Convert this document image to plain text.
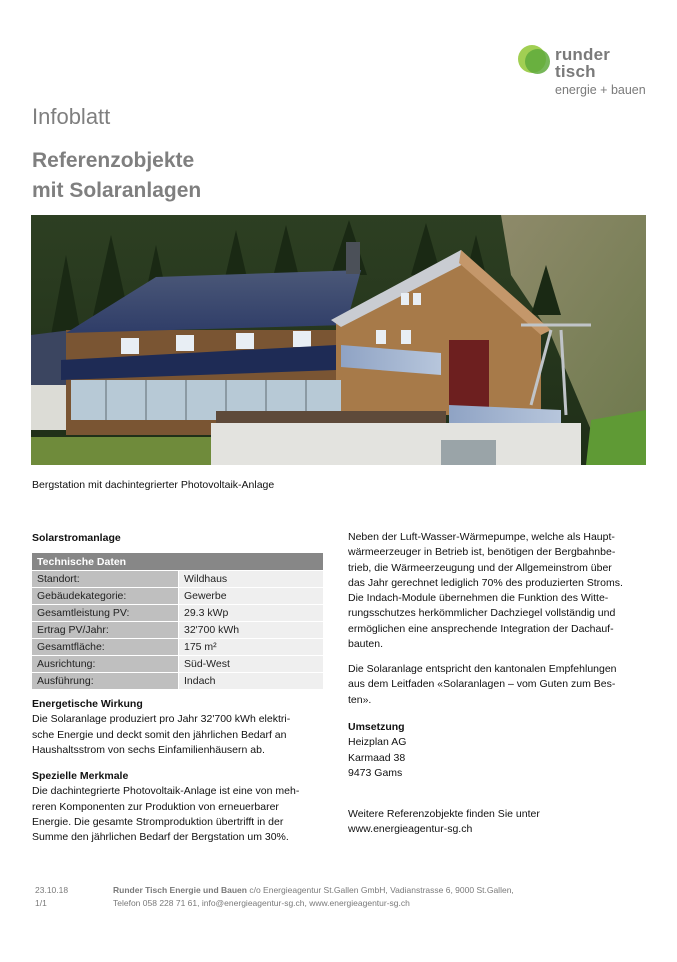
runder
tisch
energie + bauen
Infoblatt
Referenzobjekte
mit Solaranlagen
Bergstation mit dachintegrierter Photovoltaik-Anlage
Solarstromanlage
Technische Daten	
Standort:	Wildhaus
Gebäudekategorie:	Gewerbe
Gesamtleistung PV:	29.3 kWp
Ertrag PV/Jahr:	32'700 kWh
Gesamtfläche:	175 m²
Ausrichtung:	Süd-West
Ausführung:	Indach
Energetische Wirkung
Die Solaranlage produziert pro Jahr 32'700 kWh elektri-
sche Energie und deckt somit den jährlichen Bedarf an
Haushaltsstrom von sechs Einfamilienhäusern ab.
Spezielle Merkmale
Die dachintegrierte Photovoltaik-Anlage ist eine von meh-
reren Komponenten zur Produktion von erneuerbarer
Energie. Die gesamte Stromproduktion übertrifft in der
Summe den jährlichen Bedarf der Bergstation um 30%.
Neben der Luft-Wasser-Wärmepumpe, welche als Haupt-
wärmeerzeuger in Betrieb ist, benötigen der Bergbahnbe-
trieb, die Wärmeerzeugung und der Allgemeinstrom über
das Jahr gerechnet lediglich 70% des produzierten Stroms.
Die Indach-Module übernehmen die Funktion des Witte-
rungsschutzes herkömmlicher Dachziegel vollständig und
ermöglichen eine ansprechende Integration der Dachauf-
bauten.
Die Solaranlage entspricht den kantonalen Empfehlungen
aus dem Leitfaden «Solaranlagen – vom Guten zum Bes-
ten».
Umsetzung
Heizplan AG
Karmaad 38
9473 Gams
Weitere Referenzobjekte finden Sie unter
www.energieagentur-sg.ch
23.10.18
1/1
Runder Tisch Energie und Bauen c/o Energieagentur St.Gallen GmbH, Vadianstrasse 6, 9000 St.Gallen,
Telefon 058 228 71 61, info@energieagentur-sg.ch, www.energieagentur-sg.ch
